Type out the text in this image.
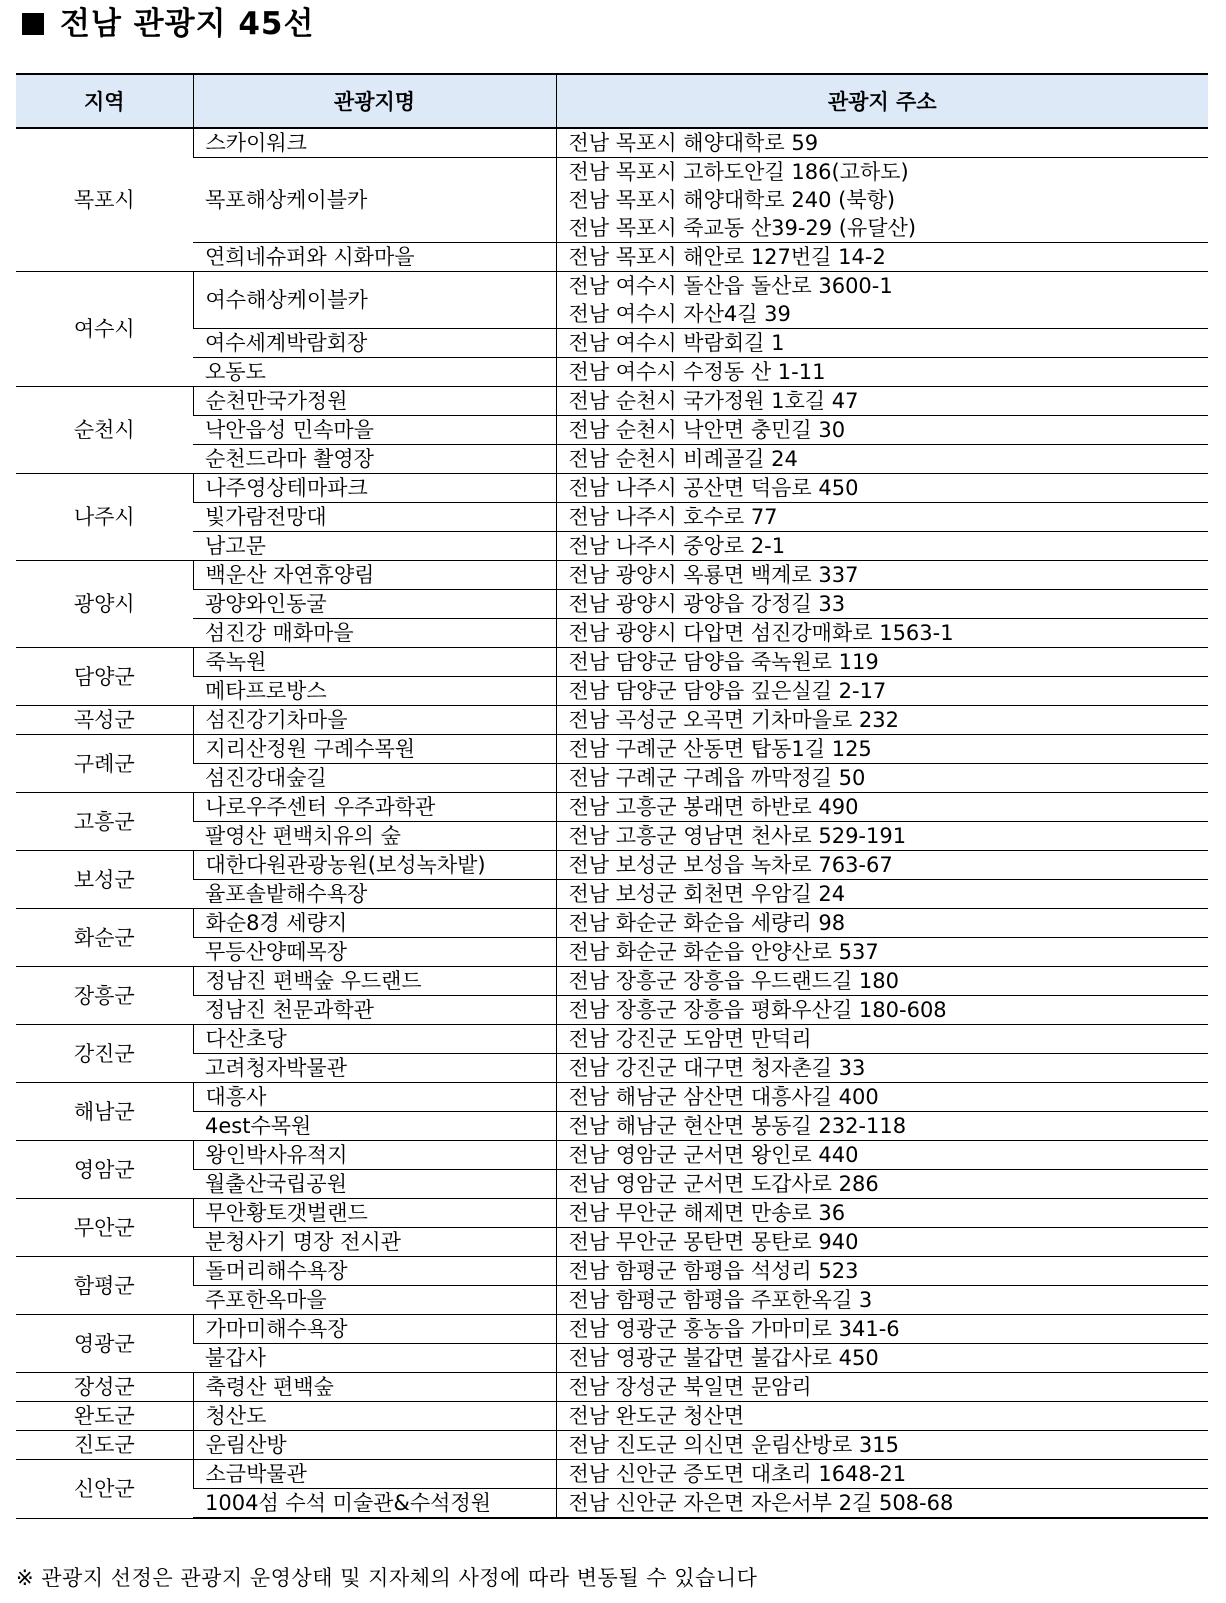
전남 관광지 45선
지역	관광지명	관광지 주소
목포시	스카이워크	전남 목포시 해양대학로 59

	목포해상케이블카	전남 목포시 고하도안길 186(고하도)
전남 목포시 해양대학로 240 (북항)
전남 목포시 죽교동 산39-29 (유달산)

	연희네슈퍼와 시화마을	전남 목포시 해안로 127번길 14-2

여수시	여수해상케이블카	전남 여수시 돌산읍 돌산로 3600-1
전남 여수시 자산4길 39

	여수세계박람회장	전남 여수시 박람회길 1

	오동도	전남 여수시 수정동 산 1-11

순천시	순천만국가정원	전남 순천시 국가정원 1호길 47

	낙안읍성 민속마을	전남 순천시 낙안면 충민길 30

	순천드라마 촬영장	전남 순천시 비례골길 24

나주시	나주영상테마파크	전남 나주시 공산면 덕음로 450

	빛가람전망대	전남 나주시 호수로 77

	남고문	전남 나주시 중앙로 2-1

광양시	백운산 자연휴양림	전남 광양시 옥룡면 백계로 337

	광양와인동굴	전남 광양시 광양읍 강정길 33

	섬진강 매화마을	전남 광양시 다압면 섬진강매화로 1563-1

담양군	죽녹원	전남 담양군 담양읍 죽녹원로 119

	메타프로방스	전남 담양군 담양읍 깊은실길 2-17

곡성군	섬진강기차마을	전남 곡성군 오곡면 기차마을로 232

구례군	지리산정원 구례수목원	전남 구례군 산동면 탑동1길 125

	섬진강대숲길	전남 구례군 구례읍 까막정길 50

고흥군	나로우주센터 우주과학관	전남 고흥군 봉래면 하반로 490

	팔영산 편백치유의 숲	전남 고흥군 영남면 천사로 529-191

보성군	대한다원관광농원(보성녹차밭)	전남 보성군 보성읍 녹차로 763-67

	율포솔밭해수욕장	전남 보성군 회천면 우암길 24

화순군	화순8경 세량지	전남 화순군 화순읍 세량리 98

	무등산양떼목장	전남 화순군 화순읍 안양산로 537

장흥군	정남진 편백숲 우드랜드	전남 장흥군 장흥읍 우드랜드길 180

	정남진 천문과학관	전남 장흥군 장흥읍 평화우산길 180-608

강진군	다산초당	전남 강진군 도암면 만덕리

	고려청자박물관	전남 강진군 대구면 청자촌길 33

해남군	대흥사	전남 해남군 삼산면 대흥사길 400

	4est수목원	전남 해남군 현산면 봉동길 232-118

영암군	왕인박사유적지	전남 영암군 군서면 왕인로 440

	월출산국립공원	전남 영암군 군서면 도갑사로 286

무안군	무안황토갯벌랜드	전남 무안군 해제면 만송로 36

	분청사기 명장 전시관	전남 무안군 몽탄면 몽탄로 940

함평군	돌머리해수욕장	전남 함평군 함평읍 석성리 523

	주포한옥마을	전남 함평군 함평읍 주포한옥길 3

영광군	가마미해수욕장	전남 영광군 홍농읍 가마미로 341-6

	불갑사	전남 영광군 불갑면 불갑사로 450

장성군	축령산 편백숲	전남 장성군 북일면 문암리

완도군	청산도	전남 완도군 청산면

진도군	운림산방	전남 진도군 의신면 운림산방로 315

신안군	소금박물관	전남 신안군 증도면 대초리 1648-21

	1004섬 수석 미술관&수석정원	전남 신안군 자은면 자은서부 2길 508-68
※ 관광지 선정은 관광지 운영상태 및 지자체의 사정에 따라 변동될 수 있습니다
